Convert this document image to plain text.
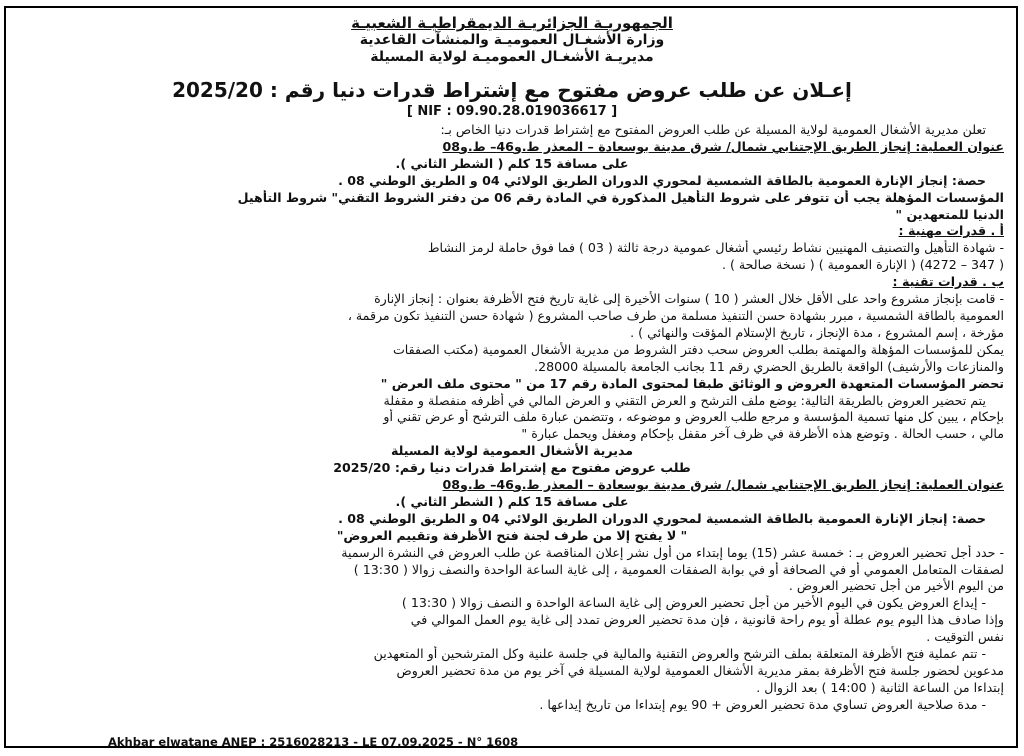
الجمهوريـة الجزائريـة الديمقراطيـة الشعبيـة
وزارة الأشغـال العموميـة والمنشآت القاعدية
مديريـة الأشغـال العموميـة لولاية المسيلة
إعـلان عن طلب عروض مفتوح مع إشتراط قدرات دنيا رقم : 2025/20
[ NIF : 09.90.28.019036617 ]
تعلن مديرية الأشغال العمومية لولاية المسيلة عن طلب العروض المفتوح مع إشتراط قدرات دنيا الخاص بـ:
عنوان العملية: إنجاز الطريق الإجتنابي شمال/ شرق مدينة بوسعادة – المعذر ط.و46– ط.و08
على مسافة 15 كلم ( الشطر الثاني ).
حصة: إنجاز الإنارة العمومية بالطاقة الشمسية لمحوري الدوران الطريق الولائي 04 و الطريق الوطني 08 .
المؤسسات المؤهلة يجب أن تتوفر على شروط التأهيل المذكورة في المادة رقم 06 من دفتر الشروط التقني" شروط التأهيل
الدنيا للمتعهدين "
أ . قدرات مهنية :
- شهادة التأهيل والتصنيف المهنيين نشاط رئيسي أشغال عمومية درجة ثالثة ( 03 ) فما فوق حاملة لرمز النشاط
( 347 – 4272) ( الإنارة العمومية ) ( نسخة صالحة ) .
ب . قدرات تقنية :
- قامت بإنجاز مشروع واحد على الأقل خلال العشر ( 10 ) سنوات الأخيرة إلى غاية تاريخ فتح الأظرفة بعنوان : إنجاز الإنارة
العمومية بالطاقة الشمسية ، مبرر بشهادة حسن التنفيذ مسلمة من طرف صاحب المشروع ( شهادة حسن التنفيذ تكون مرقمة ،
مؤرخة ، إسم المشروع ، مدة الإنجاز ، تاريخ الإستلام المؤقت والنهائي ) .
يمكن للمؤسسات المؤهلة والمهتمة بطلب العروض سحب دفتر الشروط من مديرية الأشغال العمومية (مكتب الصفقات
والمنازعات والأرشيف) الواقعة بالطريق الحضري رقم 11 بجانب الجامعة بالمسيلة 28000.
تحضر المؤسسات المتعهدة العروض و الوثائق طبقا لمحتوى المادة رقم 17 من " محتوى ملف العرض "
يتم تحضير العروض بالطريقة التالية: يوضع ملف الترشح و العرض التقني و العرض المالي في أظرفه منفصلة و مقفلة
بإحكام ، يبين كل منها تسمية المؤسسة و مرجع طلب العروض و موضوعه ، وتتضمن عبارة ملف الترشح أو عرض تقني أو
مالي ، حسب الحالة . وتوضع هذه الأظرفة في ظرف آخر مقفل بإحكام ومغفل ويحمل عبارة "
مديرية الأشغال العمومية لولاية المسيلة
طلب عروض مفتوح مع إشتراط قدرات دنيا رقم: 2025/20
عنوان العملية: إنجاز الطريق الإجتنابي شمال/ شرق مدينة بوسعادة – المعذر ط.و46– ط.و08
على مسافة 15 كلم ( الشطر الثاني ).
حصة: إنجاز الإنارة العمومية بالطاقة الشمسية لمحوري الدوران الطريق الولائي 04 و الطريق الوطني 08 .
" لا يفتح إلا من طرف لجنة فتح الأظرفة وتقييم العروض"
- حدد أجل تحضير العروض بـ : خمسة عشر (15) يوما إبتداء من أول نشر إعلان المناقصة عن طلب العروض في النشرة الرسمية
لصفقات المتعامل العمومي أو في الصحافة أو في بوابة الصفقات العمومية ، إلى غاية الساعة الواحدة والنصف زوالا ( 13:30 )
من اليوم الأخير من أجل تحضير العروض .
- إيداع العروض يكون في اليوم الأخير من أجل تحضير العروض إلى غاية الساعة الواحدة و النصف زوالا ( 13:30 )
وإذا صادف هذا اليوم يوم عطلة أو يوم راحة قانونية ، فإن مدة تحضير العروض تمدد إلى غاية يوم العمل الموالي في
نفس التوقيت .
- تتم عملية فتح الأظرفة المتعلقة بملف الترشح والعروض التقنية والمالية في جلسة علنية وكل المترشحين أو المتعهدين
مدعوين لحضور جلسة فتح الأظرفة بمقر مديرية الأشغال العمومية لولاية المسيلة في آخر يوم من مدة تحضير العروض
إبتداءا من الساعة الثانية ( 14:00 ) بعد الزوال .
- مدة صلاحية العروض تساوي مدة تحضير العروض + 90 يوم إبتداءا من تاريخ إيداعها .
Akhbar elwatane ANEP : 2516028213 - LE 07.09.2025 - N° 1608
